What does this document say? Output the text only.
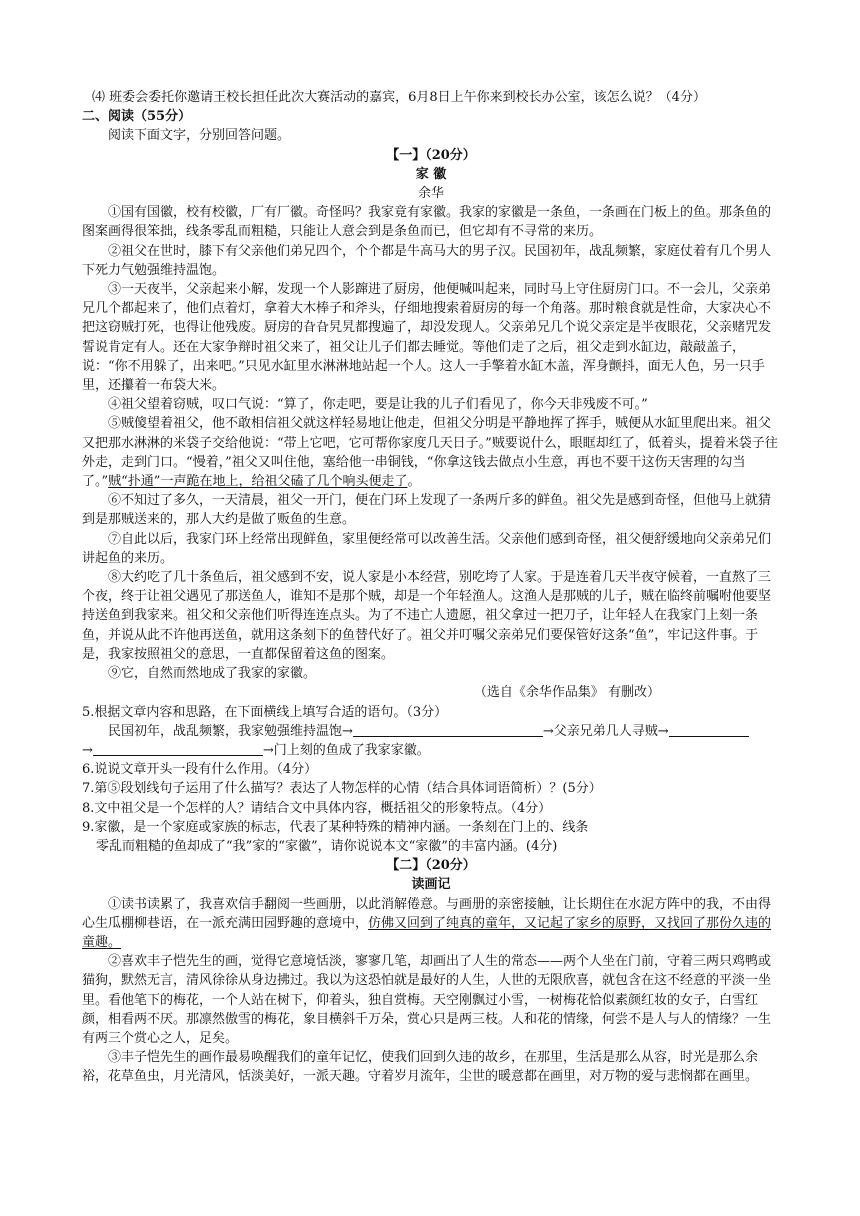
⑷ 班委会委托你邀请王校长担任此次大赛活动的嘉宾，6月8日上午你来到校长办公室，该怎么说？（4分）

二、阅读（55分）

阅读下面文字，分别回答问题。

【一】（20分）

家 徽

余华

①国有国徽，校有校徽，厂有厂徽。奇怪吗？我家竟有家徽。我家的家徽是一条鱼，一条画在门板上的鱼。那条鱼的图案画得很笨拙，线条零乱而粗糙，只能让人意会到是条鱼而已，但它却有不寻常的来历。

②祖父在世时，膝下有父亲他们弟兄四个，个个都是牛高马大的男子汉。民国初年，战乱频繁，家庭仗着有几个男人下死力气勉强维持温饱。

③一天夜半，父亲起来小解，发现一个人影蹿进了厨房，他便喊叫起来，同时马上守住厨房门口。不一会儿，父亲弟兄几个都起来了，他们点着灯，拿着大木棒子和斧头，仔细地搜索着厨房的每一个角落。那时粮食就是性命，大家决心不把这窃贼打死，也得让他残废。厨房的旮旮旯旯都搜遍了，却没发现人。父亲弟兄几个说父亲定是半夜眼花，父亲赌咒发誓说肯定有人。还在大家争辩时祖父来了，祖父让儿子们都去睡觉。等他们走了之后，祖父走到水缸边，敲敲盖子，说：“你不用躲了，出来吧。”只见水缸里水淋淋地站起一个人。这人一手擎着水缸木盖，浑身颤抖，面无人色，另一只手里，还攥着一布袋大米。

④祖父望着窃贼，叹口气说：“算了，你走吧，要是让我的儿子们看见了，你今天非残废不可。”

⑤贼傻望着祖父，他不敢相信祖父就这样轻易地让他走，但祖父分明是平静地挥了挥手，贼便从水缸里爬出来。祖父又把那水淋淋的米袋子交给他说：“带上它吧，它可帮你家度几天日子。”贼要说什么，眼眶却红了，低着头，提着米袋子往外走，走到门口。“慢着，”祖父又叫住他，塞给他一串铜钱，“你拿这钱去做点小生意，再也不要干这伤天害理的勾当了。”贼“扑通”一声跪在地上，给祖父磕了几个响头便走了。

⑥不知过了多久，一天清晨，祖父一开门，便在门环上发现了一条两斤多的鲜鱼。祖父先是感到奇怪，但他马上就猜到是那贼送来的，那人大约是做了贩鱼的生意。

⑦自此以后，我家门环上经常出现鲜鱼，家里便经常可以改善生活。父亲他们感到奇怪，祖父便舒缓地向父亲弟兄们讲起鱼的来历。

⑧大约吃了几十条鱼后，祖父感到不安，说人家是小本经营，别吃垮了人家。于是连着几天半夜守候着，一直熬了三个夜，终于让祖父遇见了那送鱼人，谁知不是那个贼，却是一个年轻渔人。这渔人是那贼的儿子，贼在临终前嘱咐他要坚持送鱼到我家来。祖父和父亲他们听得连连点头。为了不违亡人遗愿，祖父拿过一把刀子，让年轻人在我家门上刻一条鱼，并说从此不许他再送鱼，就用这条刻下的鱼替代好了。祖父并叮嘱父亲弟兄们要保管好这条“鱼”，牢记这件事。于是，我家按照祖父的意思，一直都保留着这鱼的图案。

⑨它，自然而然地成了我家的家徽。

（选自《余华作品集》 有删改）

5.根据文章内容和思路，在下面横线上填写合适的语句。（3分）

民国初年，战乱频繁，我家勉强维持温饱→	→父亲兄弟几人寻贼→

→	→门上刻的鱼成了我家家徽。

6.说说文章开头一段有什么作用。（4分）

7.第⑤段划线句子运用了什么描写？表达了人物怎样的心情（结合具体词语简析）？(5分）

8.文中祖父是一个怎样的人？请结合文中具体内容，概括祖父的形象特点。（4分）

9.家徽，是一个家庭或家族的标志，代表了某种特殊的精神内涵。一条刻在门上的、线条

零乱而粗糙的鱼却成了“我”家的“家徽”，请你说说本文“家徽”的丰富内涵。(4分)

【二】（20分）

读画记

①读书读累了，我喜欢信手翻阅一些画册，以此消解倦意。与画册的亲密接触，让长期住在水泥方阵中的我，不由得心生瓜棚柳巷语，在一派充满田园野趣的意境中，仿佛又回到了纯真的童年，又记起了家乡的原野，又找回了那份久违的童趣。

②喜欢丰子恺先生的画，觉得它意境恬淡，寥寥几笔，却画出了人生的常态——两个人坐在门前，守着三两只鸡鸭或猫狗，默然无言，清风徐徐从身边拂过。我以为这恐怕就是最好的人生，人世的无限欣喜，就包含在这不经意的平淡一坐里。看他笔下的梅花，一个人站在树下，仰着头，独自赏梅。天空刚飘过小雪，一树梅花恰似素颜红妆的女子，白雪红颜，相看两不厌。那凛然傲雪的梅花，象目横斜千万朵，赏心只是两三枝。人和花的情缘，何尝不是人与人的情缘？一生有两三个赏心之人，足矣。

③丰子恺先生的画作最易唤醒我们的童年记忆，使我们回到久违的故乡，在那里，生活是那么从容，时光是那么余裕，花草鱼虫，月光清风，恬淡美好，一派天趣。守着岁月流年，尘世的暖意都在画里，对万物的爱与悲悯都在画里。
